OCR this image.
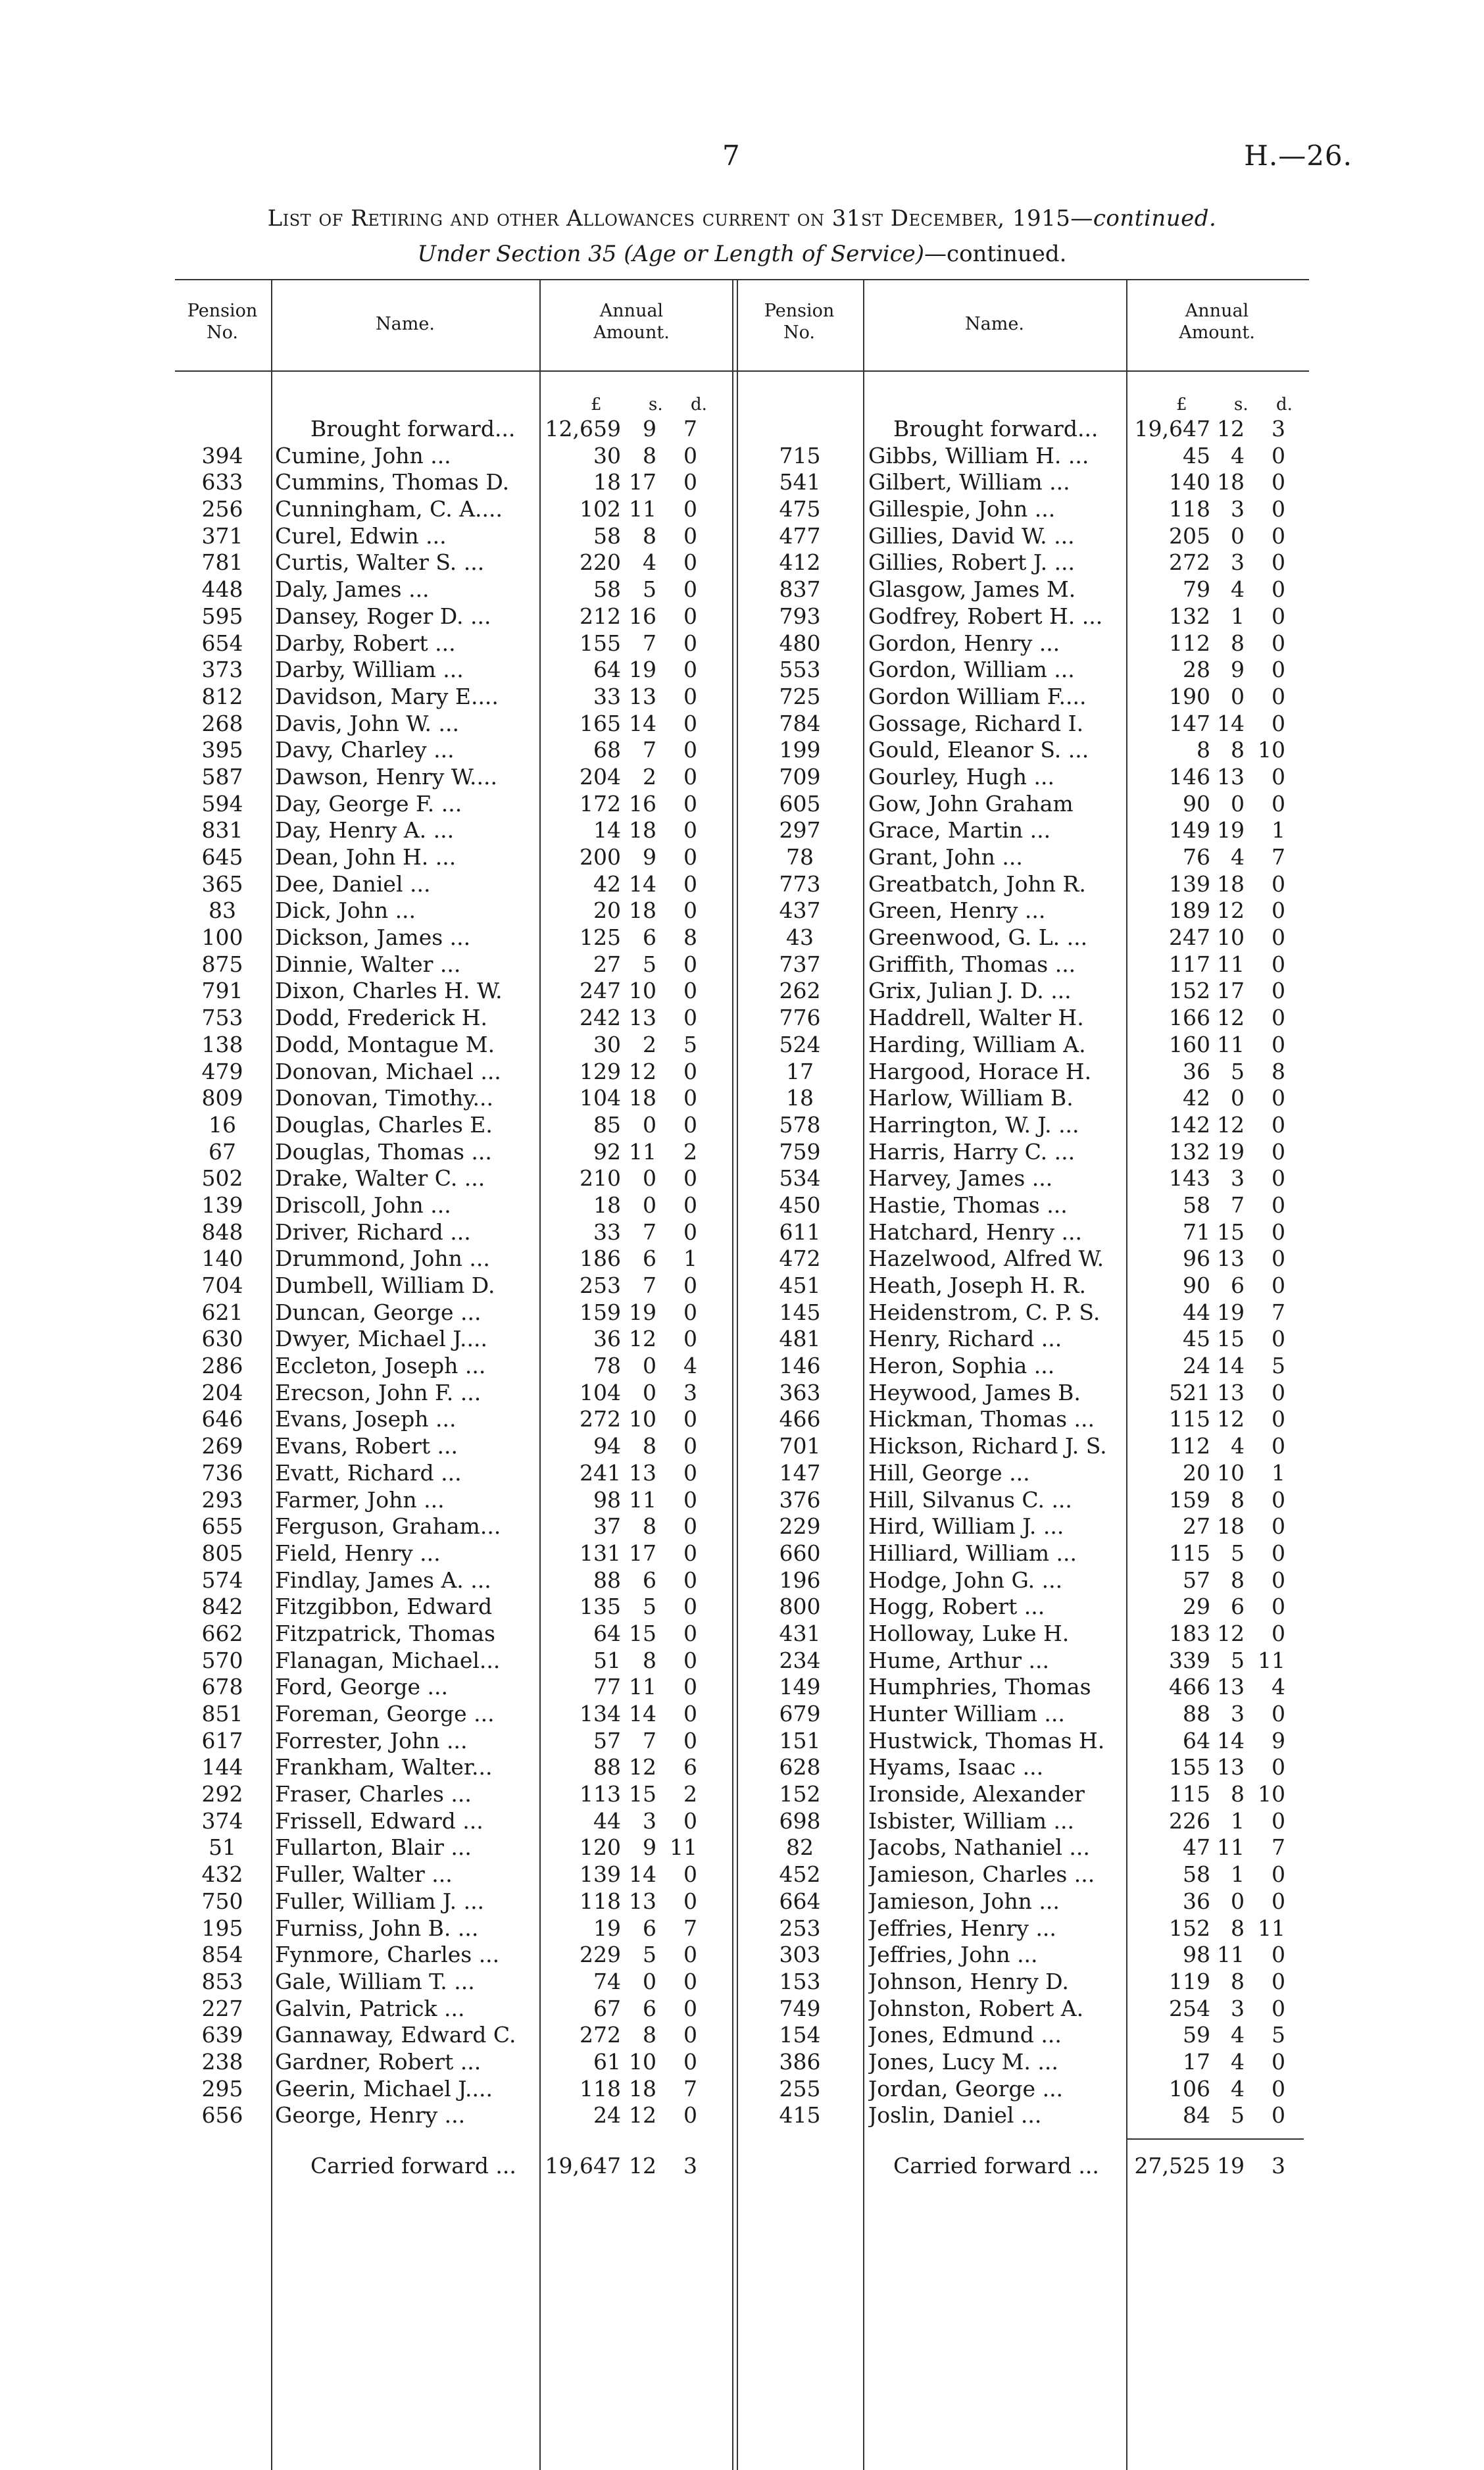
7	H.—26.
List of Retiring and other Allowances current on 31st December, 1915—continued.
Under Section 35 (Age or Length of Service)—continued.
Pension No.	Name.
Annual Amount.
Pension No.	Name.
Annual Amount.
£	s. d.	£	s. d.
Brought forward...	12,659	9	7
394	Cumine, John ...	30	8	0
633	Cummins, Thomas D.	18 17	0
256	Cunningham, C. A....	102 11	0
371	Curel, Edwin ...	58	8	0
781	Curtis, Walter S. ...	220	4	0
448	Daly, James ...	58	5	0
595	Dansey, Roger D. ...	212 16	0
654	Darby, Robert ...	155	7	0
373	Darby, William ...	64 19	0
812	Davidson, Mary E....	33 13	0
268	Davis, John W. ...	165 14	0
395	Davy, Charley ...	68	7	0
587	Dawson, Henry W....	204	2	0
594	Day, George F. ...	172 16	0
831	Day, Henry A. ...	14 18	0
645	Dean, John H. ...	200	9	0
365	Dee, Daniel ...	42 14	0
83	Dick, John ...	20 18	0
100	Dickson, James ...	125	6	8
875	Dinnie, Walter ...	27	5	0
791	Dixon, Charles H. W.	247 10	0
753	Dodd, Frederick H.	242 13	0
138	Dodd, Montague M.	30	2	5
479	Donovan, Michael ...	129 12	0
809	Donovan, Timothy...	104 18	0
16	Douglas, Charles E.	85	0	0
67	Douglas, Thomas ...	92 11	2
502	Drake, Walter C. ...	210	0	0
139	Driscoll, John ...	18	0	0
848	Driver, Richard ...	33	7	0
140	Drummond, John ...	186	6	1
704	Dumbell, William D.	253	7	0
621	Duncan, George ...	159 19	0
630	Dwyer, Michael J....	36 12	0
286	Eccleton, Joseph ...	78	0	4
204	Erecson, John F. ...	104	0	3
646	Evans, Joseph ...	272 10	0
269	Evans, Robert ...	94	8	0
736	Evatt, Richard ...	241 13	0
293	Farmer, John ...	98 11	0
655	Ferguson, Graham...	37	8	0
805	Field, Henry ...	131 17	0
574	Findlay, James A. ...	88	6	0
842	Fitzgibbon, Edward	135	5	0
662	Fitzpatrick, Thomas	64 15	0
570	Flanagan, Michael...	51	8	0
678	Ford, George ...	77 11	0
851	Foreman, George ...	134 14	0
617	Forrester, John ...	57	7	0
144	Frankham, Walter...	88 12	6
292	Fraser, Charles ...	113 15	2
374	Frissell, Edward ...	44	3	0
51	Fullarton, Blair ...	120	9 11
432	Fuller, Walter ...	139 14	0
750	Fuller, William J. ...	118 13	0
195	Furniss, John B. ...	19	6	7
854	Fynmore, Charles ...	229	5	0
853	Gale, William T. ...	74	0	0
227	Galvin, Patrick ...	67	6	0
639	Gannaway, Edward C.	272	8	0
238	Gardner, Robert ...	61 10	0
295	Geerin, Michael J....	118 18	7
656	George, Henry ...	24 12	0
Carried forward ...	19,647 12	3
Brought forward...	19,647 12	3
715	Gibbs, William H. ...	45 4	0
541	Gilbert, William ...	140 18	0
475	Gillespie, John ...	118 3	0
477	Gillies, David W. ...	205 0	0
412	Gillies, Robert J. ...	272 3	0
837	Glasgow, James M.	79 4	0
793	Godfrey, Robert H. ...	132 1	0
480	Gordon, Henry ...	112 8	0
553	Gordon, William ...	28 9	0
725	Gordon William F....	190 0	0
784	Gossage, Richard I.	147 14	0
199	Gould, Eleanor S. ...	8 8 10
709	Gourley, Hugh ...	146 13	0
605	Gow, John Graham	90 0	0
297	Grace, Martin ...	149 19	1
78	Grant, John ...	76 4	7
773	Greatbatch, John R.	139 18	0
437	Green, Henry ...	189 12	0
43	Greenwood, G. L. ...	247 10	0
737	Griffith, Thomas ...	117 11	0
262	Grix, Julian J. D. ...	152 17	0
776	Haddrell, Walter H.	166 12	0
524	Harding, William A.	160 11	0
17	Hargood, Horace H.	36 5	8
18	Harlow, William B.	42 0	0
578	Harrington, W. J. ...	142 12	0
759	Harris, Harry C. ...	132 19	0
534	Harvey, James ...	143 3	0
450	Hastie, Thomas ...	58 7	0
611	Hatchard, Henry ...	71 15	0
472	Hazelwood, Alfred W.	96 13	0
451	Heath, Joseph H. R.	90 6	0
145	Heidenstrom, C. P. S.	44 19	7
481	Henry, Richard ...	45 15	0
146	Heron, Sophia ...	24 14	5
363	Heywood, James B.	521 13	0
466	Hickman, Thomas ...	115 12	0
701	Hickson, Richard J. S.	112 4	0
147	Hill, George ...	20 10	1
376	Hill, Silvanus C. ...	159 8	0
229	Hird, William J. ...	27 18	0
660	Hilliard, William ...	115 5	0
196	Hodge, John G. ...	57 8	0
800	Hogg, Robert ...	29 6	0
431	Holloway, Luke H.	183 12	0
234	Hume, Arthur ...	339 5 11
149	Humphries, Thomas	466 13	4
679	Hunter William ...	88 3	0
151	Hustwick, Thomas H.	64 14	9
628	Hyams, Isaac ...	155 13	0
152	Ironside, Alexander	115 8 10
698	Isbister, William ...	226 1	0
82	Jacobs, Nathaniel ...	47 11	7
452	Jamieson, Charles ...	58 1	0
664	Jamieson, John ...	36 0	0
253	Jeffries, Henry ...	152 8 11
303	Jeffries, John ...	98 11	0
153	Johnson, Henry D.	119 8	0
749	Johnston, Robert A.	254 3	0
154	Jones, Edmund ...	59 4	5
386	Jones, Lucy M. ...	17 4	0
255	Jordan, George ...	106 4	0
415	Joslin, Daniel ...	84 5	0
Carried forward ...	27,525 19	3
